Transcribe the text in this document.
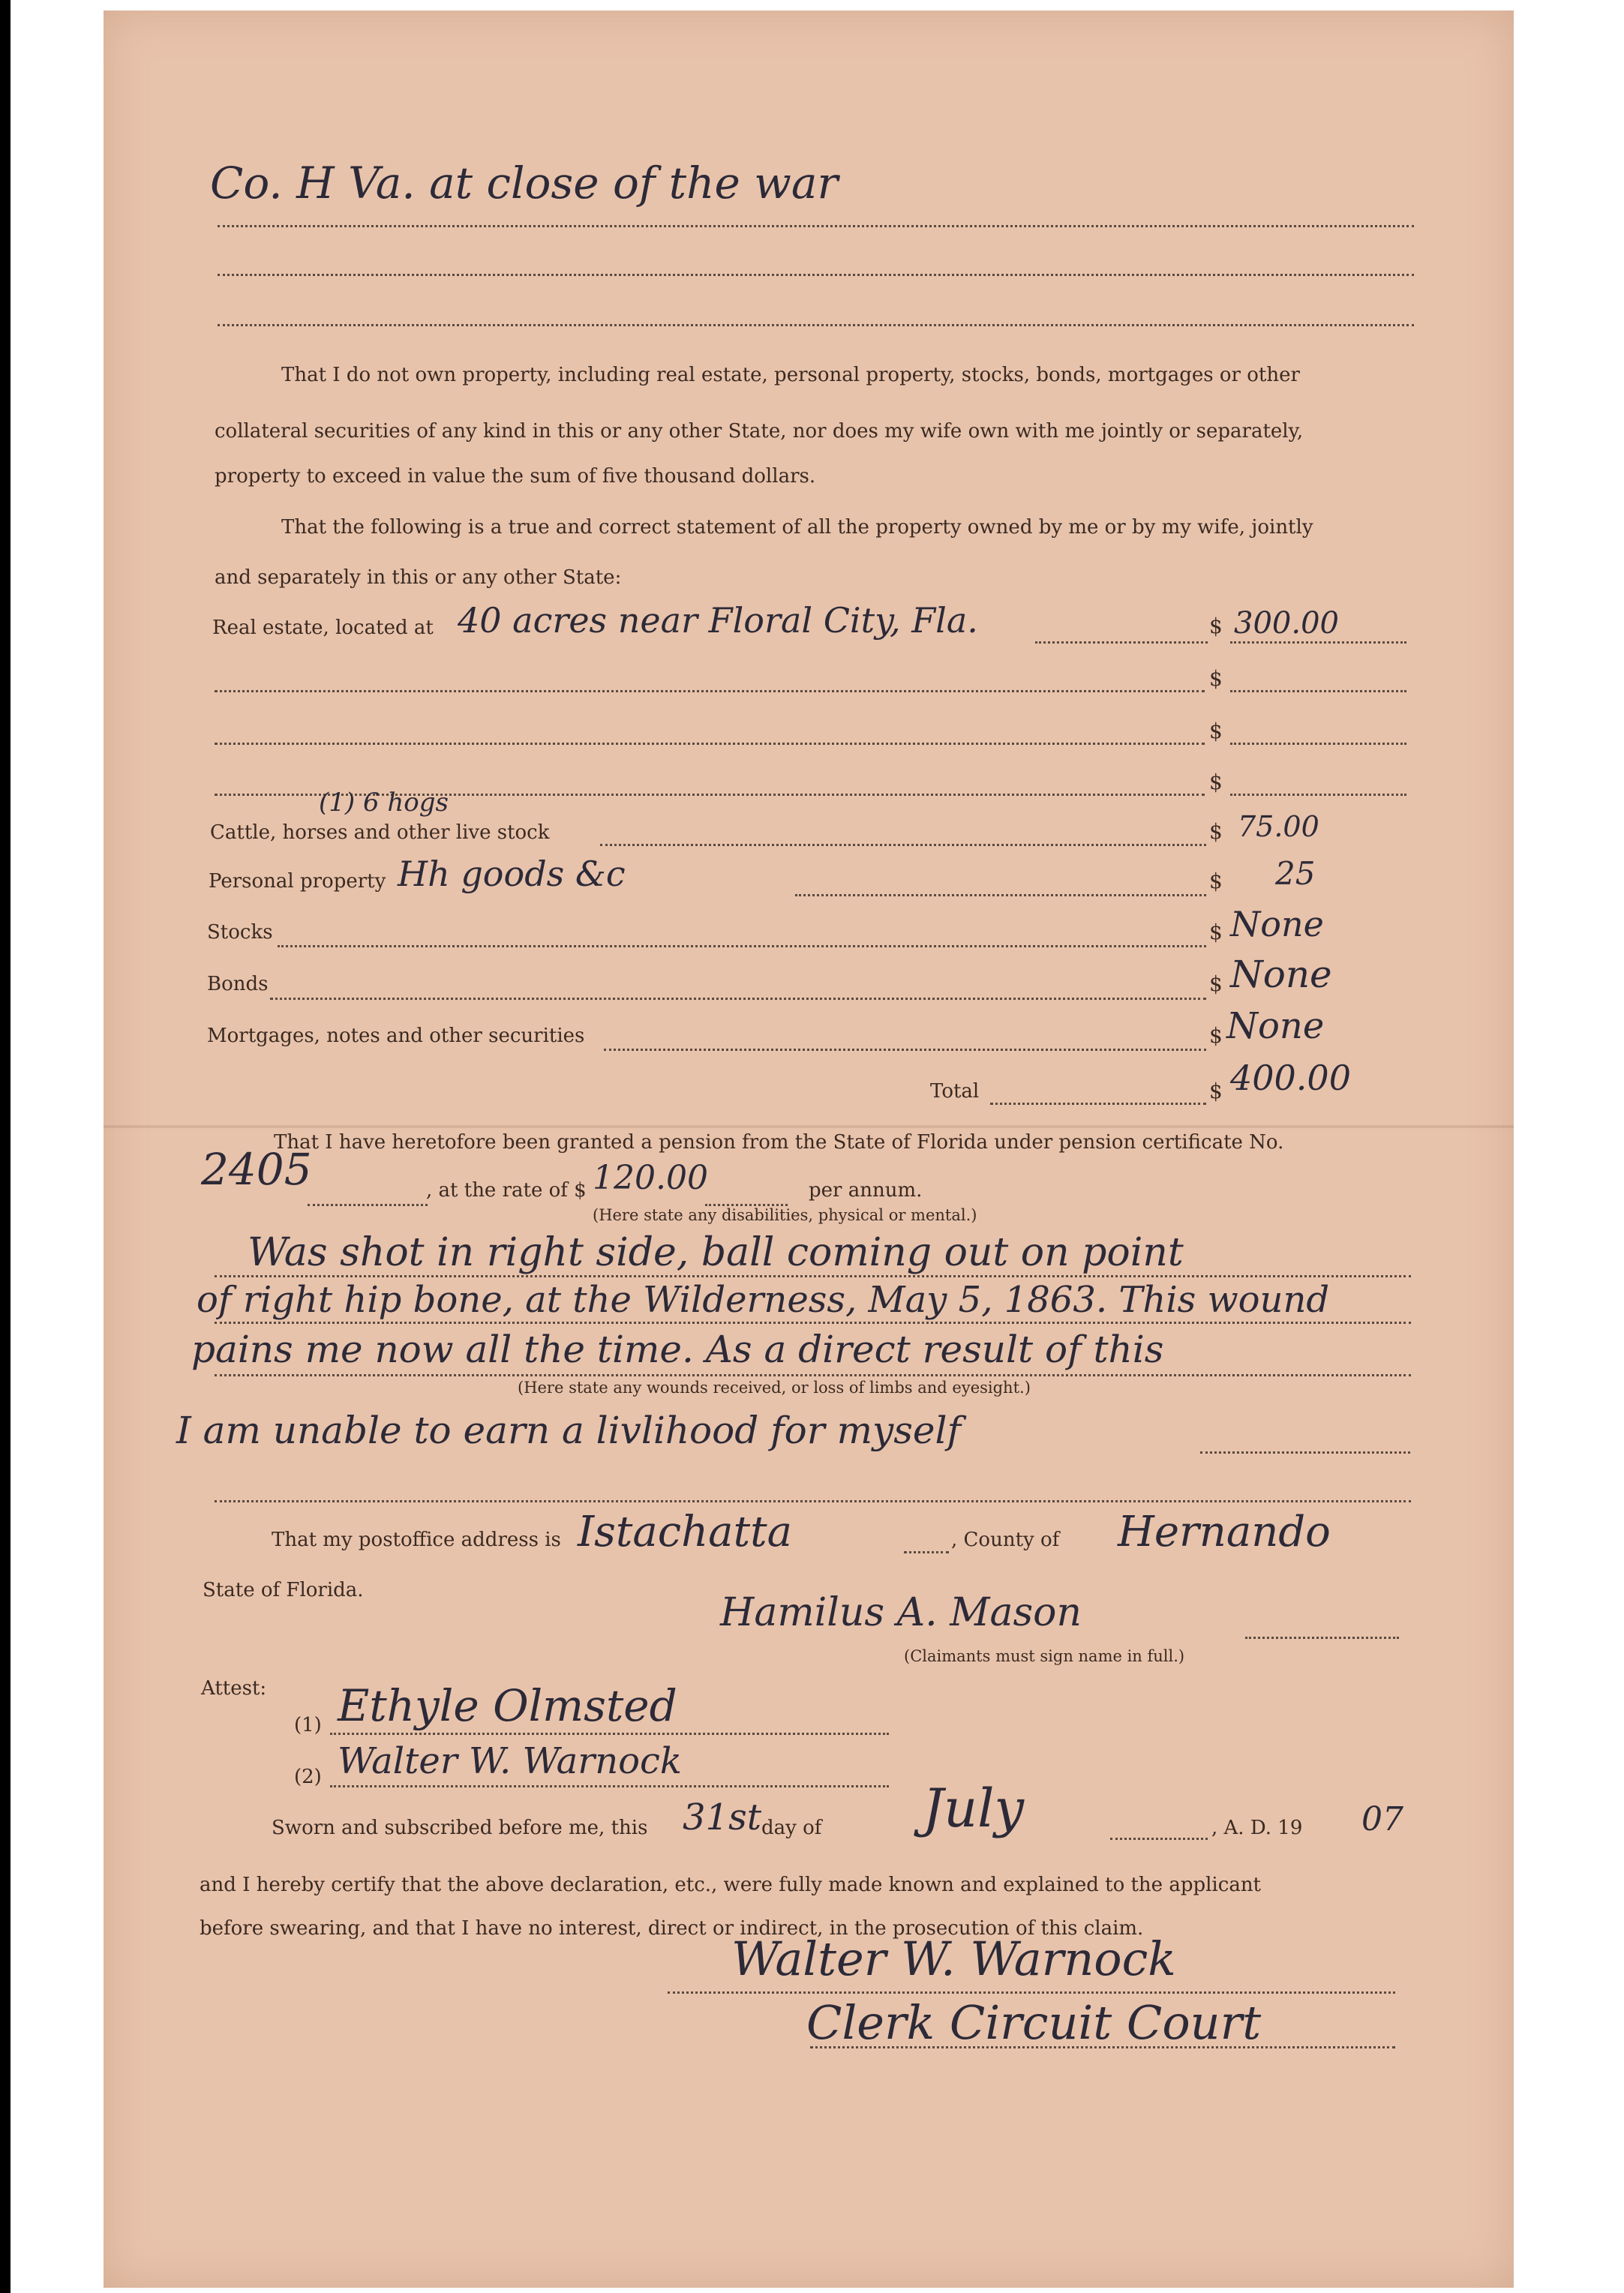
Co. H Va. at close of the war
That I do not own property, including real estate, personal property, stocks, bonds, mortgages or other
collateral securities of any kind in this or any other State, nor does my wife own with me jointly or separately,
property to exceed in value the sum of five thousand dollars.
That the following is a true and correct statement of all the property owned by me or by my wife, jointly
and separately in this or any other State:
Real estate, located at 40 acres near Floral City, Fla.	$ 300.00
$
$
$
(1) 6 hogs
Cattle, horses and other live stock	$ 75.00
Personal property Hh goods &c	$ 25
Stocks	$ None
Bonds	$ None
Mortgages, notes and other securities	$ None
Total	$ 400.00
That I have heretofore been granted a pension from the State of Florida under pension certificate No.
2405	, at the rate of $ 120.00	per annum.
(Here state any disabilities, physical or mental.)
Was shot in right side, ball coming out on point
of right hip bone, at the Wilderness, May 5, 1863. This wound
pains me now all the time. As a direct result of this
(Here state any wounds received, or loss of limbs and eyesight.)
I am unable to earn a livlihood for myself
That my postoffice address is Istachatta	, County of Hernando
State of Florida.	Hamilus A. Mason
(Claimants must sign name in full.)
Attest:
(1) Ethyle Olmsted
(2) Walter W. Warnock
Sworn and subscribed before me, this 31st day of July	, A. D. 19 07
and I hereby certify that the above declaration, etc., were fully made known and explained to the applicant
before swearing, and that I have no interest, direct or indirect, in the prosecution of this claim.
Walter W. Warnock
Clerk Circuit Court
